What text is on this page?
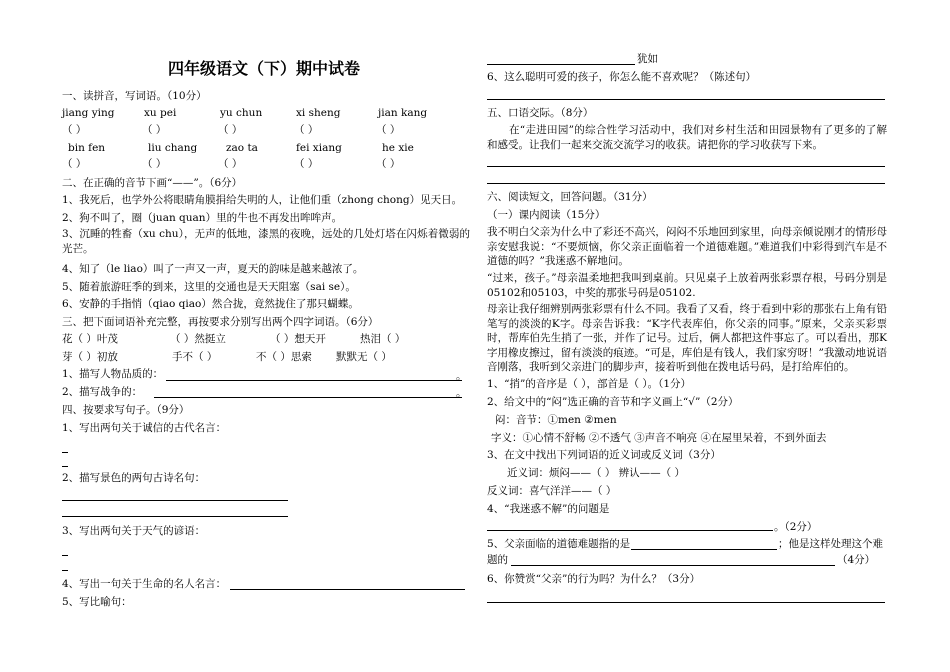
四年级语文（下）期中试卷
一、读拼音，写词语。（10分）
jiang ying	xu pei	yu chun	xi sheng	jian kang
（ ）	（ ）	（ ）	（ ）	（ ）
bin fen	liu chang	zao ta	fei xiang	he xie
（ ）	（ ）	（ ）	（ ）	（ ）
二、在正确的音节下画“——”。（6分）
1、我死后，也学外公将眼睛角膜捐给失明的人，让他们重（zhong chong）见天日。
2、狗不叫了，圈（juan quan）里的牛也不再发出哞哞声。
3、沉睡的牲畜（xu chu），无声的低地，漆黑的夜晚，远处的几处灯塔在闪烁着微弱的光芒。
4、知了（le liao）叫了一声又一声，夏天的韵味是越来越浓了。
5、随着旅游旺季的到来，这里的交通也是天天阻塞（sai se）。
6、安静的手指悄（qiao qiao）然合拢，竟然拢住了那只蝴蝶。
三、把下面词语补充完整，再按要求分别写出两个四字词语。（6分）
花（ ）叶茂	（ ）然挺立	（ ）想天开	热泪（ ）
芽（ ）初放	手不（ ）	不（ ）思索 默默无（ ）
1、描写人物品质的：	。
2、描写战争的：	。
四、按要求写句子。（9分）
1、写出两句关于诚信的古代名言：
2、描写景色的两句古诗名句：
3、写出两句关于天气的谚语：
4、写出一句关于生命的名人名言：
5、写比喻句：
犹如
6、这么聪明可爱的孩子，你怎么能不喜欢呢？（陈述句）
五、口语交际。（8分）
在“走进田园”的综合性学习活动中，我们对乡村生活和田园景物有了更多的了解和感受。让我们一起来交流交流学习的收获。请把你的学习收获写下来。
六、阅读短文，回答问题。（31分）
（一）课内阅读（15分）
我不明白父亲为什么中了彩还不高兴，闷闷不乐地回到家里，向母亲倾说刚才的情形母亲安慰我说：“不要烦恼，你父亲正面临着一个道德难题。”难道我们中彩得到汽车是不道德的吗？”我迷惑不解地问。
“过来，孩子。”母亲温柔地把我叫到桌前。只见桌子上放着两张彩票存根，号码分别是05102和05103，中奖的那张号码是05102.
母亲让我仔细辨别两张彩票有什么不同。我看了又看，终于看到中彩的那张右上角有铅笔写的淡淡的K字。母亲告诉我：“K字代表库伯，你父亲的同事。”原来，父亲买彩票时，帮库伯先生捎了一张，并作了记号。过后，俩人都把这件事忘了。可以看出，那K字用橡皮擦过，留有淡淡的痕迹。“可是，库伯是有钱人，我们家穷呀！”我激动地说语音刚落，我听到父亲进门的脚步声，接着听到他在拨电话号码，是打给库伯的。
1、“捎”的音序是（ ），部首是（ ）。（1分）
2、给文中的“闷”选正确的音节和字义画上“√”（2分）
闷：音节：①men ②men
字义：①心情不舒畅 ②不透气 ③声音不响亮 ④在屋里呆着，不到外面去
3、在文中找出下列词语的近义词或反义词（3分）
近义词：烦闷——（ ） 辨认——（ ）
反义词：喜气洋洋——（ ）
4、“我迷惑不解”的问题是
。（2分）
5、父亲面临的道德难题指的是	；他是这样处理这个难
题的	（4分）
6、你赞赏“父亲”的行为吗？为什么？（3分）
